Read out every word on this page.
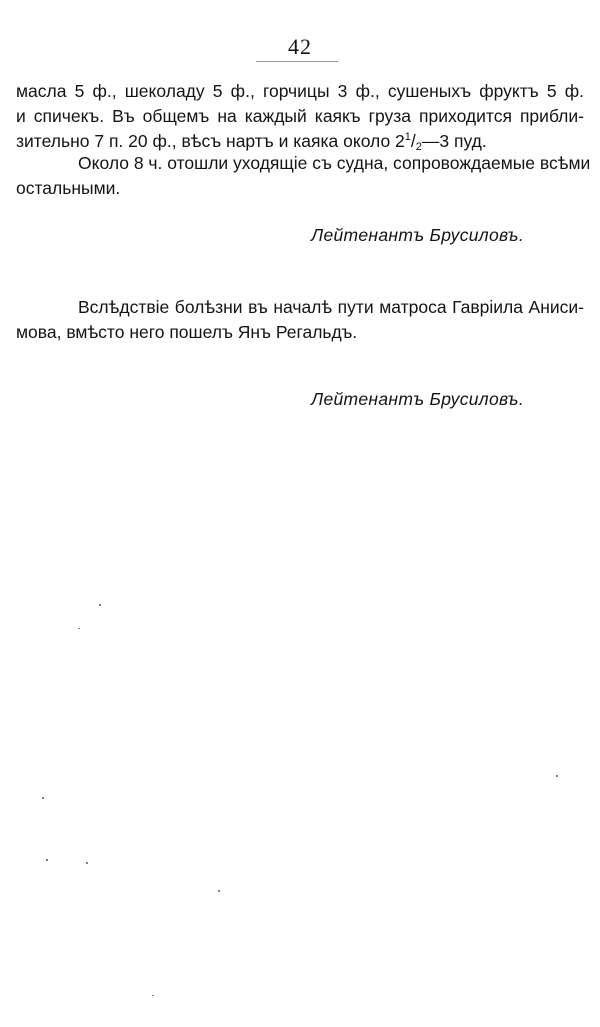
42

масла 5 ф., шеколаду 5 ф., горчицы 3 ф., сушеныхъ фруктъ 5 ф.
и спичекъ. Въ общемъ на каждый каякъ груза приходится прибли-
зительно 7 п. 20 ф., вѣсъ нартъ и каяка около $2^1/_2—3$ пуд.

Около 8 ч. отошли уходящіе съ судна, сопровождаемые всѣми
остальными.

Лейтенантъ Брусиловъ.

Вслѣдствіе болѣзни въ началѣ пути матроса Гавріила Аниси-
мова, вмѣсто него пошелъ Янъ Регальдъ.

Лейтенантъ Брусиловъ.
